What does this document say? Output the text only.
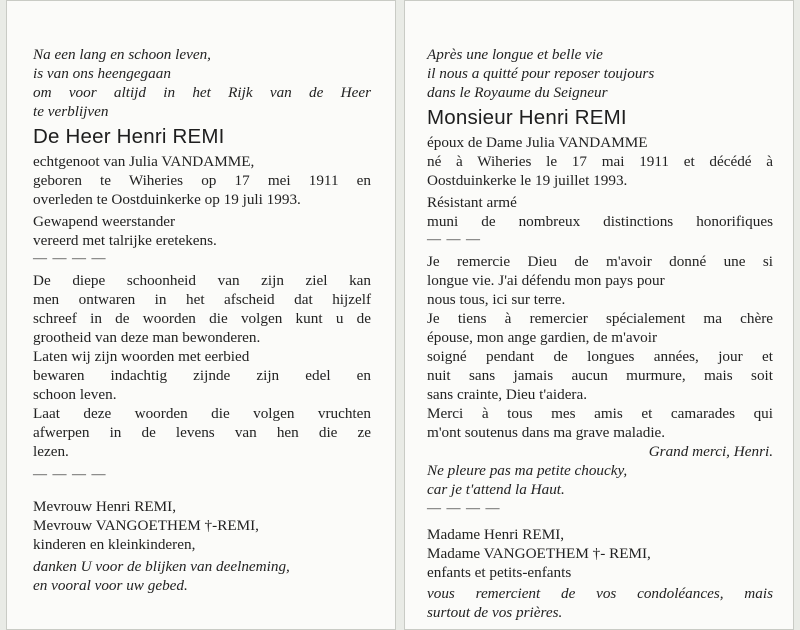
Na een lang en schoon leven,
is van ons heengegaan
om voor altijd in het Rijk van de Heer
te verblijven
De Heer Henri REMI
echtgenoot van Julia VANDAMME,
geboren te Wiheries op 17 mei 1911 en
overleden te Oostduinkerke op 19 juli 1993.
Gewapend weerstander
vereerd met talrijke eretekens.
— — — —
De diepe schoonheid van zijn ziel kan
men ontwaren in het afscheid dat hijzelf
schreef in de woorden die volgen kunt u de
grootheid van deze man bewonderen.
Laten wij zijn woorden met eerbied
bewaren indachtig zijnde zijn edel en
schoon leven.
Laat deze woorden die volgen vruchten
afwerpen in de levens van hen die ze
lezen.
— — — —
Mevrouw Henri REMI,
Mevrouw VANGOETHEM †-REMI,
kinderen en kleinkinderen,
danken U voor de blijken van deelneming,
en vooral voor uw gebed.
Après une longue et belle vie
il nous a quitté pour reposer toujours
dans le Royaume du Seigneur
Monsieur Henri REMI
époux de Dame Julia VANDAMME
né à Wiheries le 17 mai 1911 et décédé à
Oostduinkerke le 19 juillet 1993.
Résistant armé
muni de nombreux distinctions honorifiques
— — —
Je remercie Dieu de m'avoir donné une si
longue vie. J'ai défendu mon pays pour
nous tous, ici sur terre.
Je tiens à remercier spécialement ma chère
épouse, mon ange gardien, de m'avoir
soigné pendant de longues années, jour et
nuit sans jamais aucun murmure, mais soit
sans crainte, Dieu t'aidera.
Merci à tous mes amis et camarades qui
m'ont soutenus dans ma grave maladie.
Grand merci, Henri.
Ne pleure pas ma petite choucky,
car je t'attend la Haut.
— — — —
Madame Henri REMI,
Madame VANGOETHEM †- REMI,
enfants et petits-enfants
vous remercient de vos condoléances, mais
surtout de vos prières.
